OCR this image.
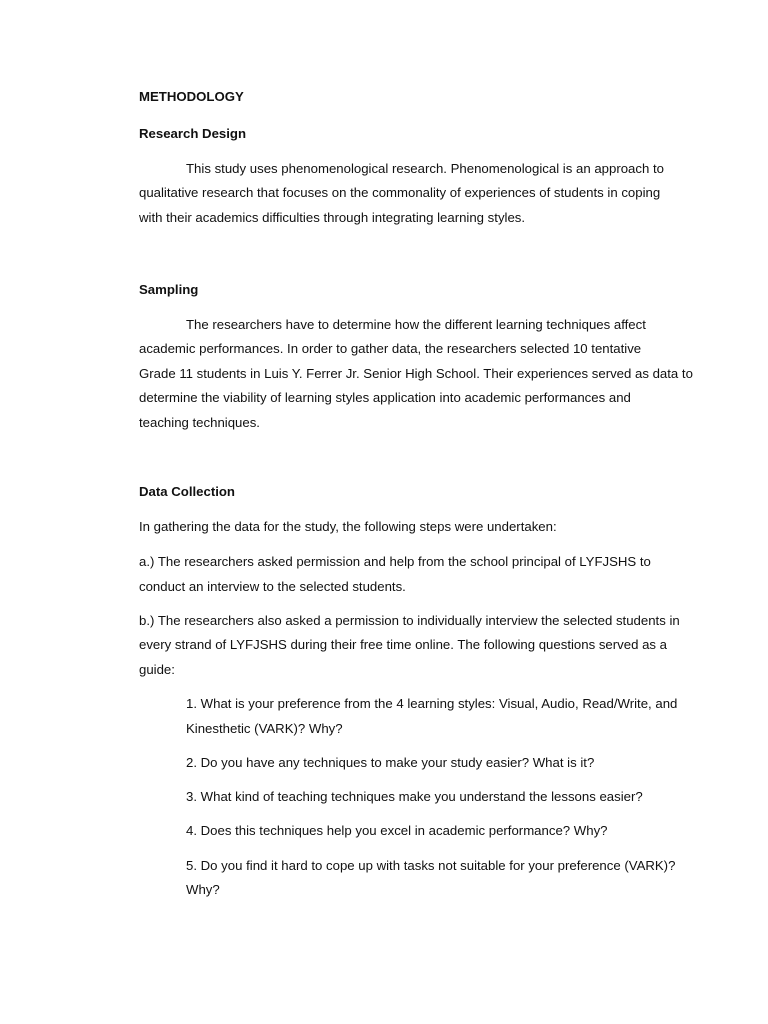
METHODOLOGY
Research Design
This study uses phenomenological research. Phenomenological is an approach to
qualitative research that focuses on the commonality of experiences of students in coping
with their academics difficulties through integrating learning styles.
Sampling
The researchers have to determine how the different learning techniques affect
academic performances. In order to gather data, the researchers selected 10 tentative
Grade 11 students in Luis Y. Ferrer Jr. Senior High School. Their experiences served as data to
determine the viability of learning styles application into academic performances and
teaching techniques.
Data Collection
In gathering the data for the study, the following steps were undertaken:
a.) The researchers asked permission and help from the school principal of LYFJSHS to
conduct an interview to the selected students.
b.) The researchers also asked a permission to individually interview the selected students in
every strand of LYFJSHS during their free time online. The following questions served as a
guide:
1. What is your preference from the 4 learning styles: Visual, Audio, Read/Write, and
Kinesthetic (VARK)? Why?
2. Do you have any techniques to make your study easier? What is it?
3. What kind of teaching techniques make you understand the lessons easier?
4. Does this techniques help you excel in academic performance? Why?
5. Do you find it hard to cope up with tasks not suitable for your preference (VARK)?
Why?
